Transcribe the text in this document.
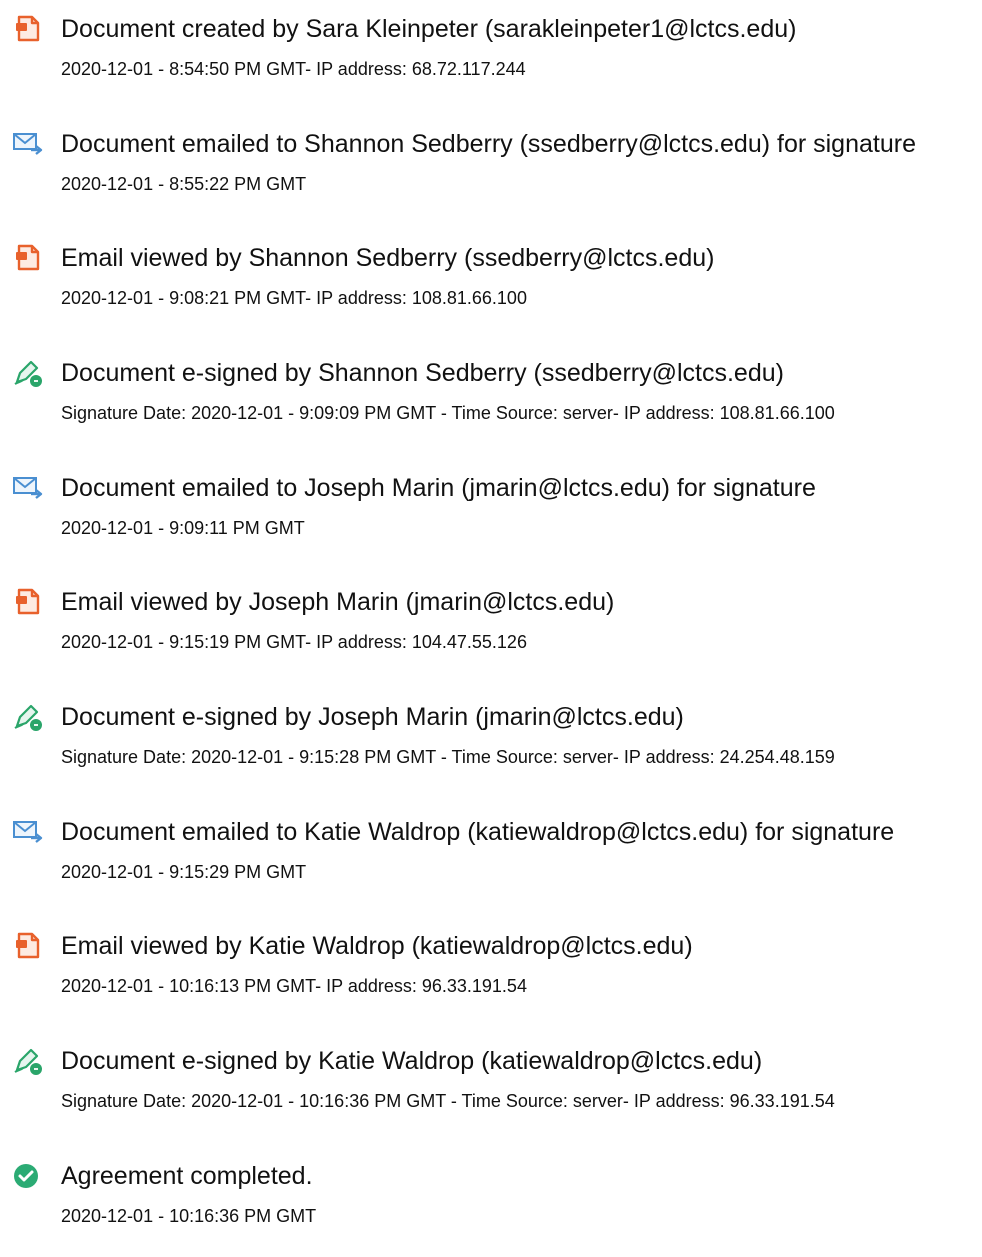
Document created by Sara Kleinpeter (sarakleinpeter1@lctcs.edu)
2020-12-01 - 8:54:50 PM GMT- IP address: 68.72.117.244
Document emailed to Shannon Sedberry (ssedberry@lctcs.edu) for signature
2020-12-01 - 8:55:22 PM GMT
Email viewed by Shannon Sedberry (ssedberry@lctcs.edu)
2020-12-01 - 9:08:21 PM GMT- IP address: 108.81.66.100
Document e-signed by Shannon Sedberry (ssedberry@lctcs.edu)
Signature Date: 2020-12-01 - 9:09:09 PM GMT - Time Source: server- IP address: 108.81.66.100
Document emailed to Joseph Marin (jmarin@lctcs.edu) for signature
2020-12-01 - 9:09:11 PM GMT
Email viewed by Joseph Marin (jmarin@lctcs.edu)
2020-12-01 - 9:15:19 PM GMT- IP address: 104.47.55.126
Document e-signed by Joseph Marin (jmarin@lctcs.edu)
Signature Date: 2020-12-01 - 9:15:28 PM GMT - Time Source: server- IP address: 24.254.48.159
Document emailed to Katie Waldrop (katiewaldrop@lctcs.edu) for signature
2020-12-01 - 9:15:29 PM GMT
Email viewed by Katie Waldrop (katiewaldrop@lctcs.edu)
2020-12-01 - 10:16:13 PM GMT- IP address: 96.33.191.54
Document e-signed by Katie Waldrop (katiewaldrop@lctcs.edu)
Signature Date: 2020-12-01 - 10:16:36 PM GMT - Time Source: server- IP address: 96.33.191.54
Agreement completed.
2020-12-01 - 10:16:36 PM GMT
